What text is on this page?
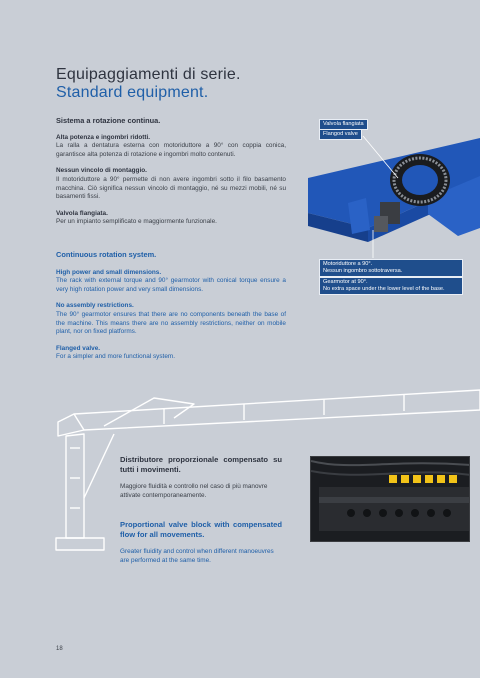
Equipaggiamenti di serie.
Standard equipment.
Sistema a rotazione continua.
Alta potenza e ingombri ridotti.
La ralla a dentatura esterna con motoriduttore a 90° con coppia conica, garantisce alta potenza di rotazione e ingombri molto contenuti.
Nessun vincolo di montaggio.
Il motoriduttore a 90° permette di non avere ingombri sotto il filo basamento macchina. Ciò significa nessun vincolo di montaggio, né su mezzi mobili, né su basamenti fissi.
Valvola flangiata.
Per un impianto semplificato e maggiormente funzionale.
Continuous rotation system.
High power and small dimensions.
The rack with external torque and 90° gearmotor with conical torque ensure a very high rotation power and very small dimensions.
No assembly restrictions.
The 90° gearmotor ensures that there are no components beneath the base of the machine. This means there are no assembly restrictions, neither on mobile plant, nor on fixed platforms.
Flanged valve.
For a simpler and more functional system.
Valvola flangiata
Flangod valve
Motoriduttore a 90°.
Nessun ingombro sottotraversa.
Gearmotor at 90°.
No extra space under the lower level of the base.
Distributore proporzionale compensato su tutti i movimenti.
Maggiore fluidità e controllo nel caso di più manovre attivate contemporaneamente.
Proportional valve block with compensated flow for all movements.
Greater fluidity and control when different manoeuvres are performed at the same time.
18
